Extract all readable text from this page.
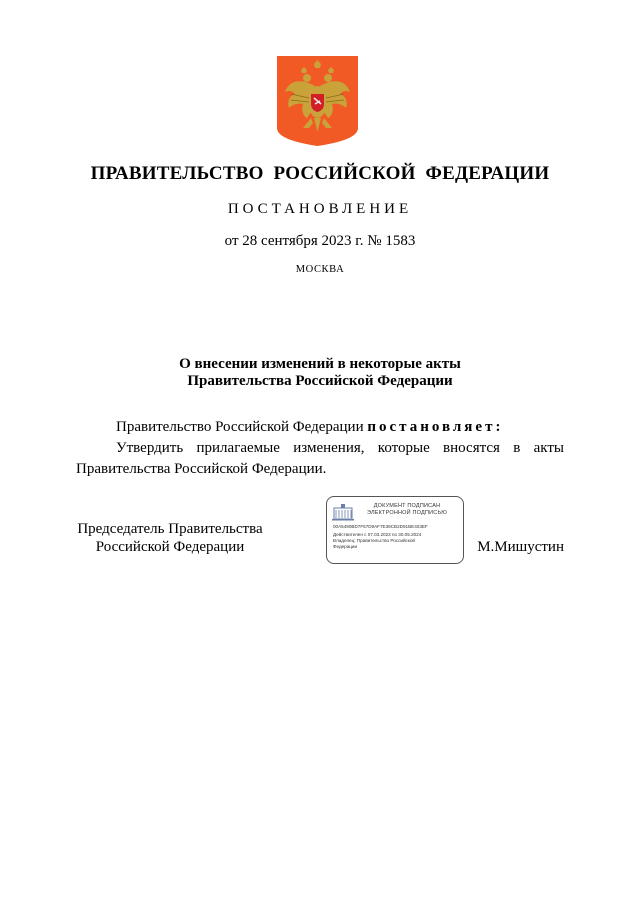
ПРАВИТЕЛЬСТВО РОССИЙСКОЙ ФЕДЕРАЦИИ
ПОСТАНОВЛЕНИЕ
от 28 сентября 2023 г. № 1583
МОСКВА
О внесении изменений в некоторые акты
Правительства Российской Федерации

Правительство Российской Федерации постановляет:

Утвердить прилагаемые изменения, которые вносятся в акты Правительства Российской Федерации.

Председатель Правительства
Российской Федерации
ДОКУМЕНТ ПОДПИСАН
ЭЛЕКТРОННОЙ ПОДПИСЬЮ
00A5490BD7F67D9AF7E39CB2D91BE403EF
Действителен с 07.03.2023 по 30.05.2024
Владелец: Правительство Российской
Федерации	М.Мишустин
